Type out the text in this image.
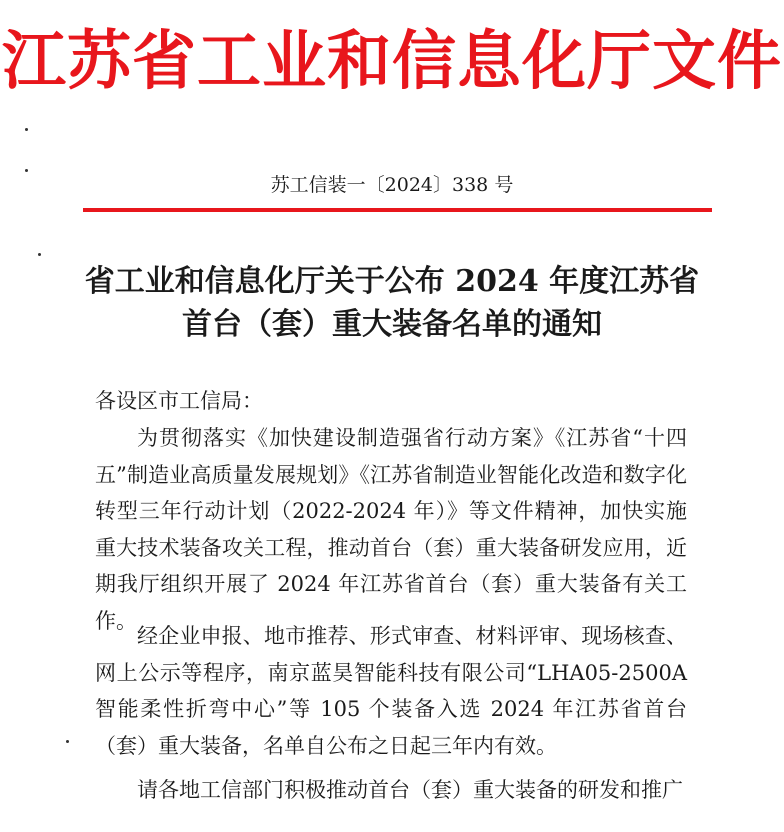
江苏省工业和信息化厅文件
苏工信装一〔2024〕338 号
省工业和信息化厅关于公布 2024 年度江苏省
首台（套）重大装备名单的通知
各设区市工信局：
为贯彻落实《加快建设制造强省行动方案》《江苏省“十四五”制造业高质量发展规划》《江苏省制造业智能化改造和数字化转型三年行动计划（2022-2024 年）》等文件精神，加快实施重大技术装备攻关工程，推动首台（套）重大装备研发应用，近期我厅组织开展了 2024 年江苏省首台（套）重大装备有关工作。
经企业申报、地市推荐、形式审查、材料评审、现场核查、网上公示等程序，南京蓝昊智能科技有限公司“LHA05-2500A 智能柔性折弯中心”等 105 个装备入选 2024 年江苏省首台（套）重大装备，名单自公布之日起三年内有效。
请各地工信部门积极推动首台（套）重大装备的研发和推广
